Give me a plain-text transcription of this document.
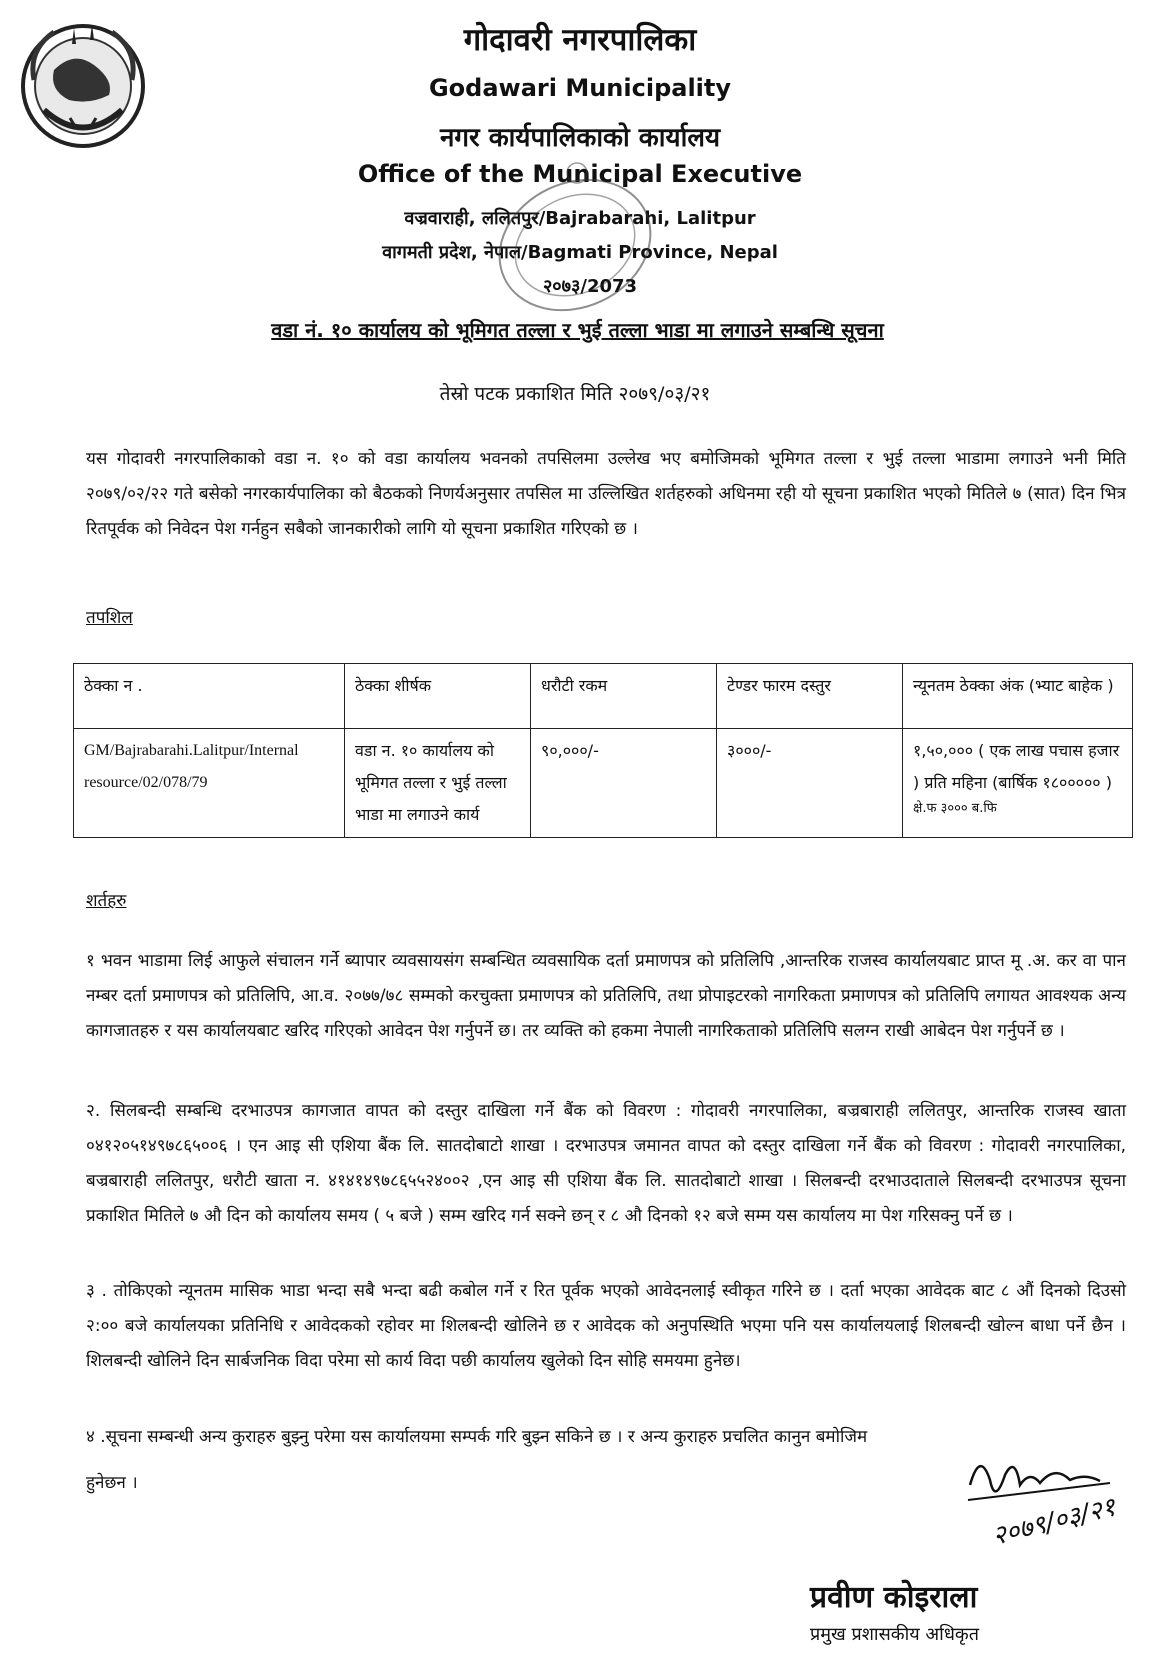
गोदावरी नगरपालिका
Godawari Municipality
नगर कार्यपालिकाको कार्यालय
Office of the Municipal Executive
वज्रवाराही, ललितपुर/Bajrabarahi, Lalitpur
वागमती प्रदेश, नेपाल/Bagmati Province, Nepal
२०७३/2073
वडा नं. १० कार्यालय को भूमिगत तल्ला र भुई तल्ला भाडा मा लगाउने सम्बन्धि सूचना
तेस्रो पटक प्रकाशित मिति २०७९/०३/२१
यस गोदावरी नगरपालिकाको वडा न. १० को वडा कार्यालय भवनको तपसिलमा उल्लेख भए बमोजिमको भूमिगत तल्ला र भुई तल्ला भाडामा लगाउने भनी मिति २०७९/०२/२२ गते बसेको नगरकार्यपालिका को बैठकको निणर्यअनुसार तपसिल मा उल्लिखित शर्तहरुको अधिनमा रही यो सूचना प्रकाशित भएको मितिले ७ (सात) दिन भित्र रितपूर्वक को निवेदन पेश गर्नहुन सबैको जानकारीको लागि यो सूचना प्रकाशित गरिएको छ ।
तपशिल
ठेक्का न .	ठेक्का शीर्षक	धरौटी रकम	टेण्डर फारम दस्तुर	न्यूनतम ठेक्का अंक (भ्याट बाहेक )
GM/Bajrabarahi.Lalitpur/Internal resource/02/078/79	वडा न. १० कार्यालय को भूमिगत तल्ला र भुई तल्ला भाडा मा लगाउने कार्य	९०,०००/-	३०००/-	१,५०,००० ( एक लाख पचास हजार ) प्रति महिना (बार्षिक १८००००० )
क्षे.फ ३००० ब.फि
शर्तहरु
१ भवन भाडामा लिई आफुले संचालन गर्ने ब्यापार व्यवसायसंग सम्बन्धित व्यवसायिक दर्ता प्रमाणपत्र को प्रतिलिपि ,आन्तरिक राजस्व कार्यालयबाट प्राप्त मू .अ. कर वा पान नम्बर दर्ता प्रमाणपत्र को प्रतिलिपि, आ.व. २०७७/७८ सम्मको करचुक्ता प्रमाणपत्र को प्रतिलिपि, तथा प्रोपाइटरको नागरिकता प्रमाणपत्र को प्रतिलिपि लगायत आवश्यक अन्य कागजातहरु र यस कार्यालयबाट खरिद गरिएको आवेदन पेश गर्नुपर्ने छ। तर व्यक्ति को हकमा नेपाली नागरिकताको प्रतिलिपि सलग्न राखी आबेदन पेश गर्नुपर्ने छ ।
२. सिलबन्दी सम्बन्धि दरभाउपत्र कागजात वापत को दस्तुर दाखिला गर्ने बैंक को विवरण : गोदावरी नगरपालिका, बज्रबाराही ललितपुर, आन्तरिक राजस्व खाता ०४१२०५१४९७८६५००६ । एन आइ सी एशिया बैंक लि. सातदोबाटो शाखा । दरभाउपत्र जमानत वापत को दस्तुर दाखिला गर्ने बैंक को विवरण : गोदावरी नगरपालिका, बज्रबाराही ललितपुर, धरौटी खाता न. ४१४१४९७८६५५२४००२ ,एन आइ सी एशिया बैंक लि. सातदोबाटो शाखा । सिलबन्दी दरभाउदाताले सिलबन्दी दरभाउपत्र सूचना प्रकाशित मितिले ७ औ दिन को कार्यालय समय ( ५ बजे ) सम्म खरिद गर्न सक्ने छन् र ८ औ दिनको १२ बजे सम्म यस कार्यालय मा पेश गरिसक्नु पर्ने छ ।
३ . तोकिएको न्यूनतम मासिक भाडा भन्दा सबै भन्दा बढी कबोल गर्ने र रित पूर्वक भएको आवेदनलाई स्वीकृत गरिने छ । दर्ता भएका आवेदक बाट ८ औं दिनको दिउसो २:०० बजे कार्यालयका प्रतिनिधि र आवेदकको रहोवर मा शिलबन्दी खोलिने छ र आवेदक को अनुपस्थिति भएमा पनि यस कार्यालयलाई शिलबन्दी खोल्न बाधा पर्ने छैन । शिलबन्दी खोलिने दिन सार्बजनिक विदा परेमा सो कार्य विदा पछी कार्यालय खुलेको दिन सोहि समयमा हुनेछ।
४ .सूचना सम्बन्धी अन्य कुराहरु बुझ्नु परेमा यस कार्यालयमा सम्पर्क गरि बुझ्न सकिने छ । र अन्य कुराहरु प्रचलित कानुन बमोजिम
हुनेछन ।
२०७९/०३/२१
प्रवीण कोइराला
प्रमुख प्रशासकीय अधिकृत
